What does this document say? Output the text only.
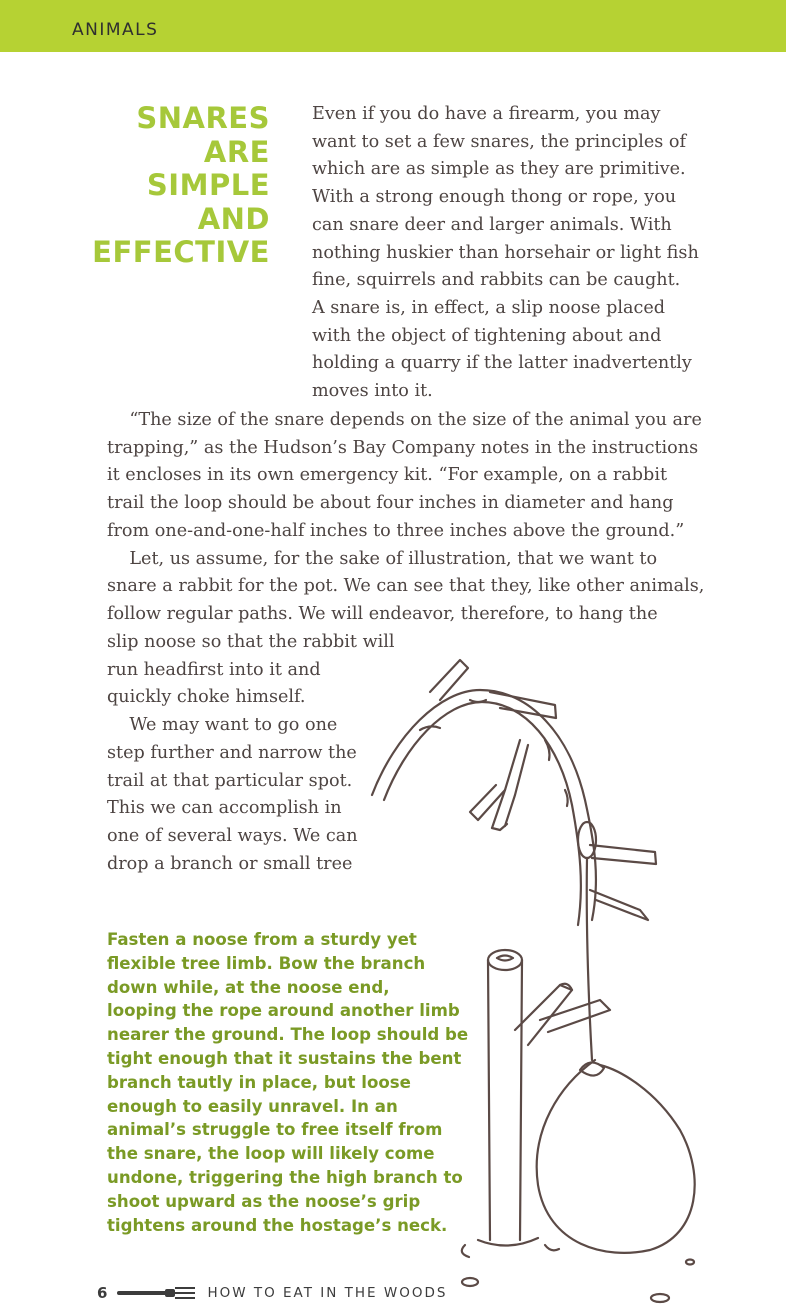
ANIMALS
SNARES
ARE
SIMPLE
AND
EFFECTIVE
Even if you do have a firearm, you may
want to set a few snares, the principles of
which are as simple as they are primitive.
With a strong enough thong or rope, you
can snare deer and larger animals. With
nothing huskier than horsehair or light fish
fine, squirrels and rabbits can be caught.
A snare is, in effect, a slip noose placed
with the object of tightening about and
holding a quarry if the latter inadvertently
moves into it.
“The size of the snare depends on the size of the animal you are
trapping,” as the Hudson’s Bay Company notes in the instructions
it encloses in its own emergency kit. “For example, on a rabbit
trail the loop should be about four inches in diameter and hang
from one-and-one-half inches to three inches above the ground.”
Let, us assume, for the sake of illustration, that we want to
snare a rabbit for the pot. We can see that they, like other animals,
follow regular paths. We will endeavor, therefore, to hang the
slip noose so that the rabbit will
run headfirst into it and
quickly choke himself.
We may want to go one
step further and narrow the
trail at that particular spot.
This we can accomplish in
one of several ways. We can
drop a branch or small tree
Fasten a noose from a sturdy yet
flexible tree limb. Bow the branch
down while, at the noose end,
looping the rope around another limb
nearer the ground. The loop should be
tight enough that it sustains the bent
branch tautly in place, but loose
enough to easily unravel. In an
animal’s struggle to free itself from
the snare, the loop will likely come
undone, triggering the high branch to
shoot upward as the noose’s grip
tightens around the hostage’s neck.
6	HOW TO EAT IN THE WOODS
